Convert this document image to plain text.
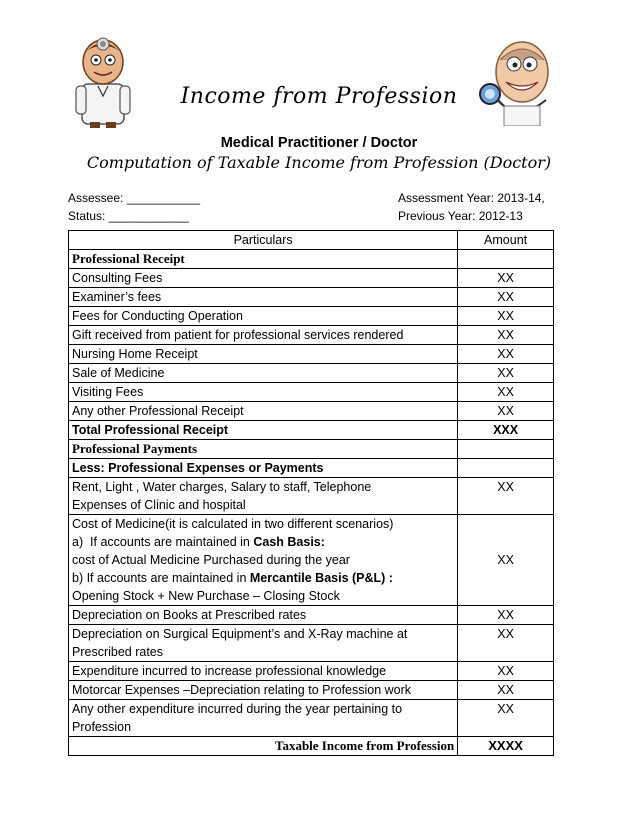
Income from Profession
Medical Practitioner / Doctor
Computation of Taxable Income from Profession (Doctor)
Assessee: ___________
Status: ____________
Assessment Year: 2013-14,
Previous Year: 2012-13
Particulars	Amount
Professional Receipt	
Consulting Fees	XX
Examiner’s fees	XX
Fees for Conducting Operation	XX
Gift received from patient for professional services rendered	XX
Nursing Home Receipt	XX
Sale of Medicine	XX
Visiting Fees	XX
Any other Professional Receipt	XX
Total Professional Receipt	XXX
Professional Payments	
Less: Professional Expenses or Payments	

Rent, Light , Water charges, Salary to staff, Telephone
Expenses of Clinic and hospital	XX

Cost of Medicine(it is calculated in two different scenarios)
a)  If accounts are maintained in Cash Basis:
cost of Actual Medicine Purchased during the year
b) If accounts are maintained in Mercantile Basis (P&L) :
Opening Stock + New Purchase – Closing Stock	XX
Depreciation on Books at Prescribed rates	XX

Depreciation on Surgical Equipment’s and X-Ray machine at
Prescribed rates	XX
Expenditure incurred to increase professional knowledge	XX
Motorcar Expenses –Depreciation relating to Profession work	XX

Any other expenditure incurred during the year pertaining to
Profession	XX
Taxable Income from Profession	XXXX
